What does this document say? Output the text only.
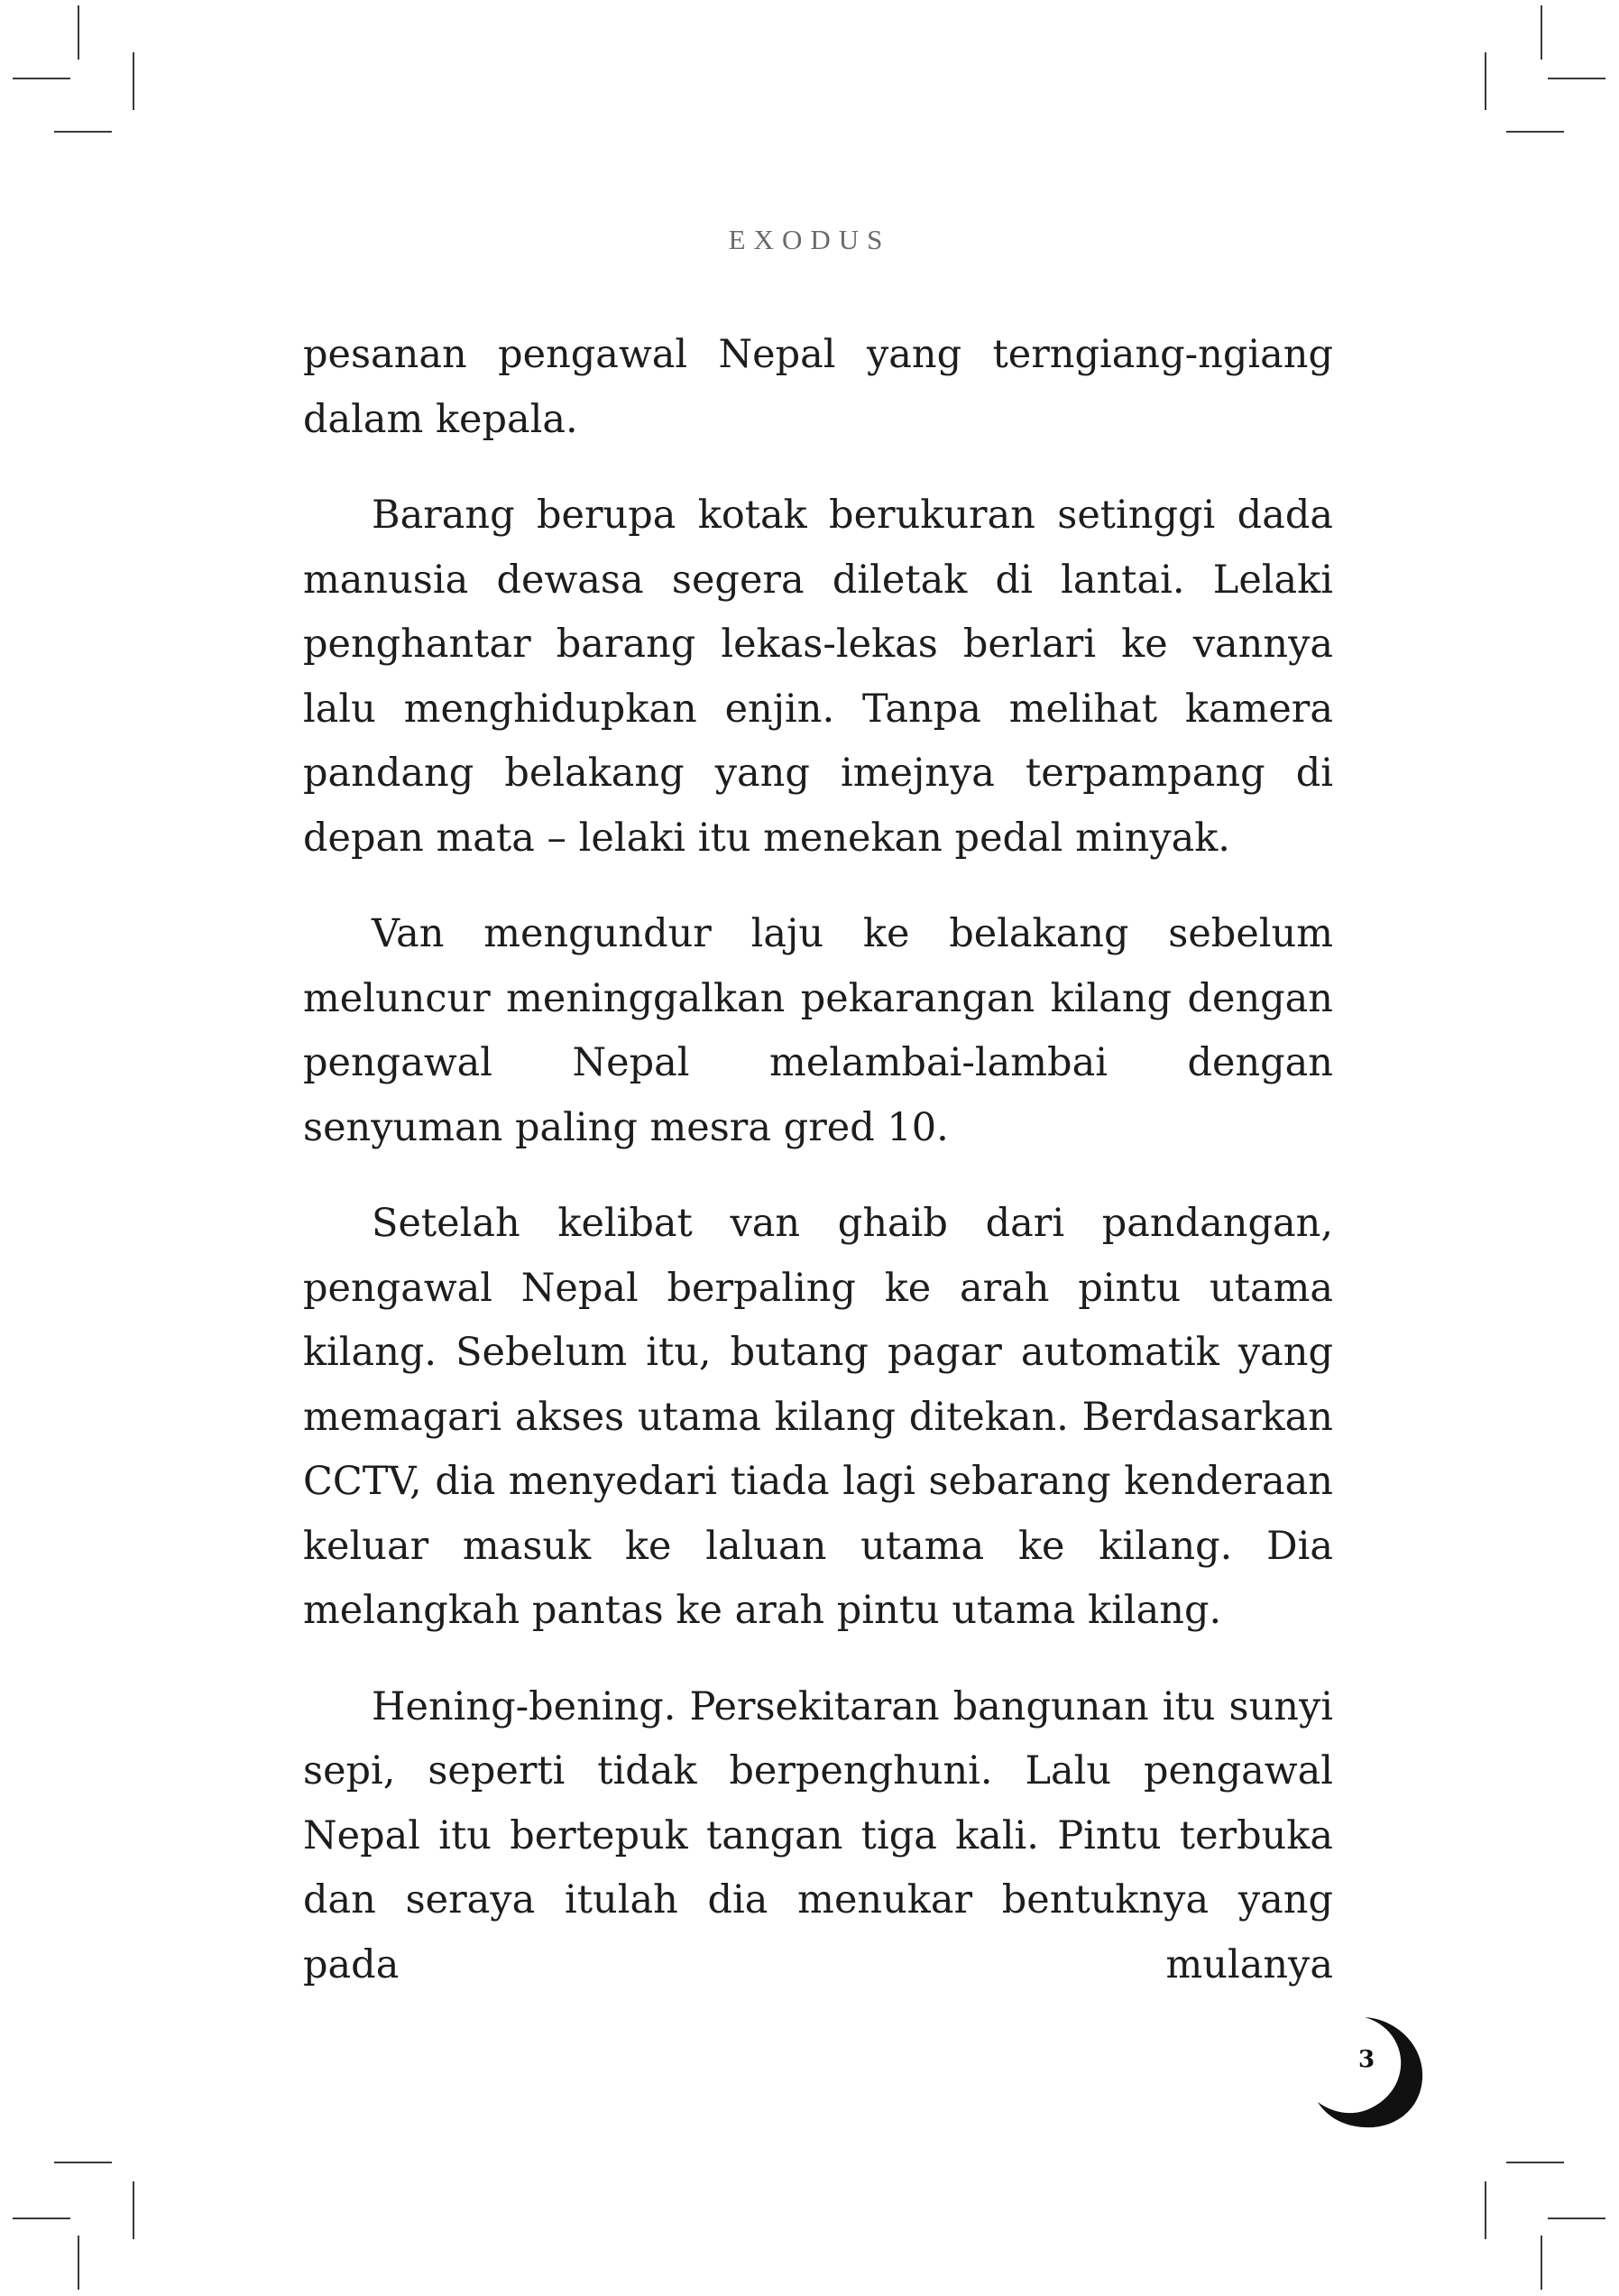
EXODUS

pesanan pengawal Nepal yang terngiang-ngiang dalam kepala.

Barang berupa kotak berukuran setinggi dada manusia dewasa segera diletak di lantai. Lelaki penghantar barang lekas-lekas berlari ke vannya lalu menghidupkan enjin. Tanpa melihat kamera pandang belakang yang imejnya terpampang di depan mata – lelaki itu menekan pedal minyak.

Van mengundur laju ke belakang sebelum meluncur meninggalkan pekarangan kilang dengan pengawal Nepal melambai-lambai dengan senyuman paling mesra gred 10.

Setelah kelibat van ghaib dari pandangan, pengawal Nepal berpaling ke arah pintu utama kilang. Sebelum itu, butang pagar automatik yang memagari akses utama kilang ditekan. Berdasarkan CCTV, dia menyedari tiada lagi sebarang kenderaan keluar masuk ke laluan utama ke kilang. Dia melangkah pantas ke arah pintu utama kilang.

Hening-bening. Persekitaran bangunan itu sunyi sepi, seperti tidak berpenghuni. Lalu pengawal Nepal itu bertepuk tangan tiga kali. Pintu terbuka dan seraya itulah dia menukar bentuknya yang pada mulanya

3
